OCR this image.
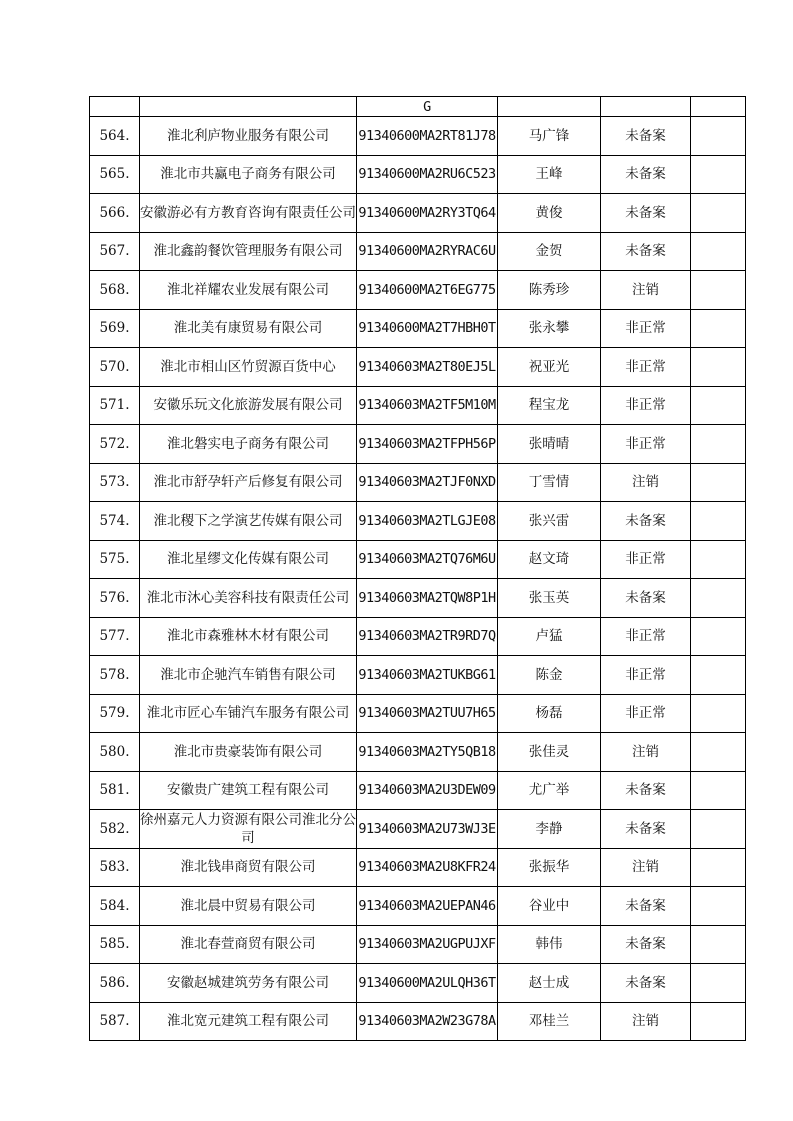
		G			
564.	淮北利庐物业服务有限公司	91340600MA2RT81J78	马广锋	未备案	
565.	淮北市共赢电子商务有限公司	91340600MA2RU6C523	王峰	未备案	
566.	安徽游必有方教育咨询有限责任公司	91340600MA2RY3TQ64	黄俊	未备案	
567.	淮北鑫韵餐饮管理服务有限公司	91340600MA2RYRAC6U	金贺	未备案	
568.	淮北祥耀农业发展有限公司	91340600MA2T6EG775	陈秀珍	注销	
569.	淮北美有康贸易有限公司	91340600MA2T7HBH0T	张永攀	非正常	
570.	淮北市相山区竹贸源百货中心	91340603MA2T80EJ5L	祝亚光	非正常	
571.	安徽乐玩文化旅游发展有限公司	91340603MA2TF5M10M	程宝龙	非正常	
572.	淮北磐实电子商务有限公司	91340603MA2TFPH56P	张晴晴	非正常	
573.	淮北市舒孕轩产后修复有限公司	91340603MA2TJF0NXD	丁雪情	注销	
574.	淮北稷下之学演艺传媒有限公司	91340603MA2TLGJE08	张兴雷	未备案	
575.	淮北星缪文化传媒有限公司	91340603MA2TQ76M6U	赵文琦	非正常	
576.	淮北市沐心美容科技有限责任公司	91340603MA2TQW8P1H	张玉英	未备案	
577.	淮北市森雅林木材有限公司	91340603MA2TR9RD7Q	卢猛	非正常	
578.	淮北市企驰汽车销售有限公司	91340603MA2TUKBG61	陈金	非正常	
579.	淮北市匠心车铺汽车服务有限公司	91340603MA2TUU7H65	杨磊	非正常	
580.	淮北市贵豪装饰有限公司	91340603MA2TY5QB18	张佳灵	注销	
581.	安徽贵广建筑工程有限公司	91340603MA2U3DEW09	尤广举	未备案	
582.	徐州嘉元人力资源有限公司淮北分公司	91340603MA2U73WJ3E	李静	未备案	
583.	淮北钱串商贸有限公司	91340603MA2U8KFR24	张振华	注销	
584.	淮北晨中贸易有限公司	91340603MA2UEPAN46	谷业中	未备案	
585.	淮北春萱商贸有限公司	91340603MA2UGPUJXF	韩伟	未备案	
586.	安徽赵城建筑劳务有限公司	91340600MA2ULQH36T	赵士成	未备案	
587.	淮北宽元建筑工程有限公司	91340603MA2W23G78A	邓桂兰	注销	
